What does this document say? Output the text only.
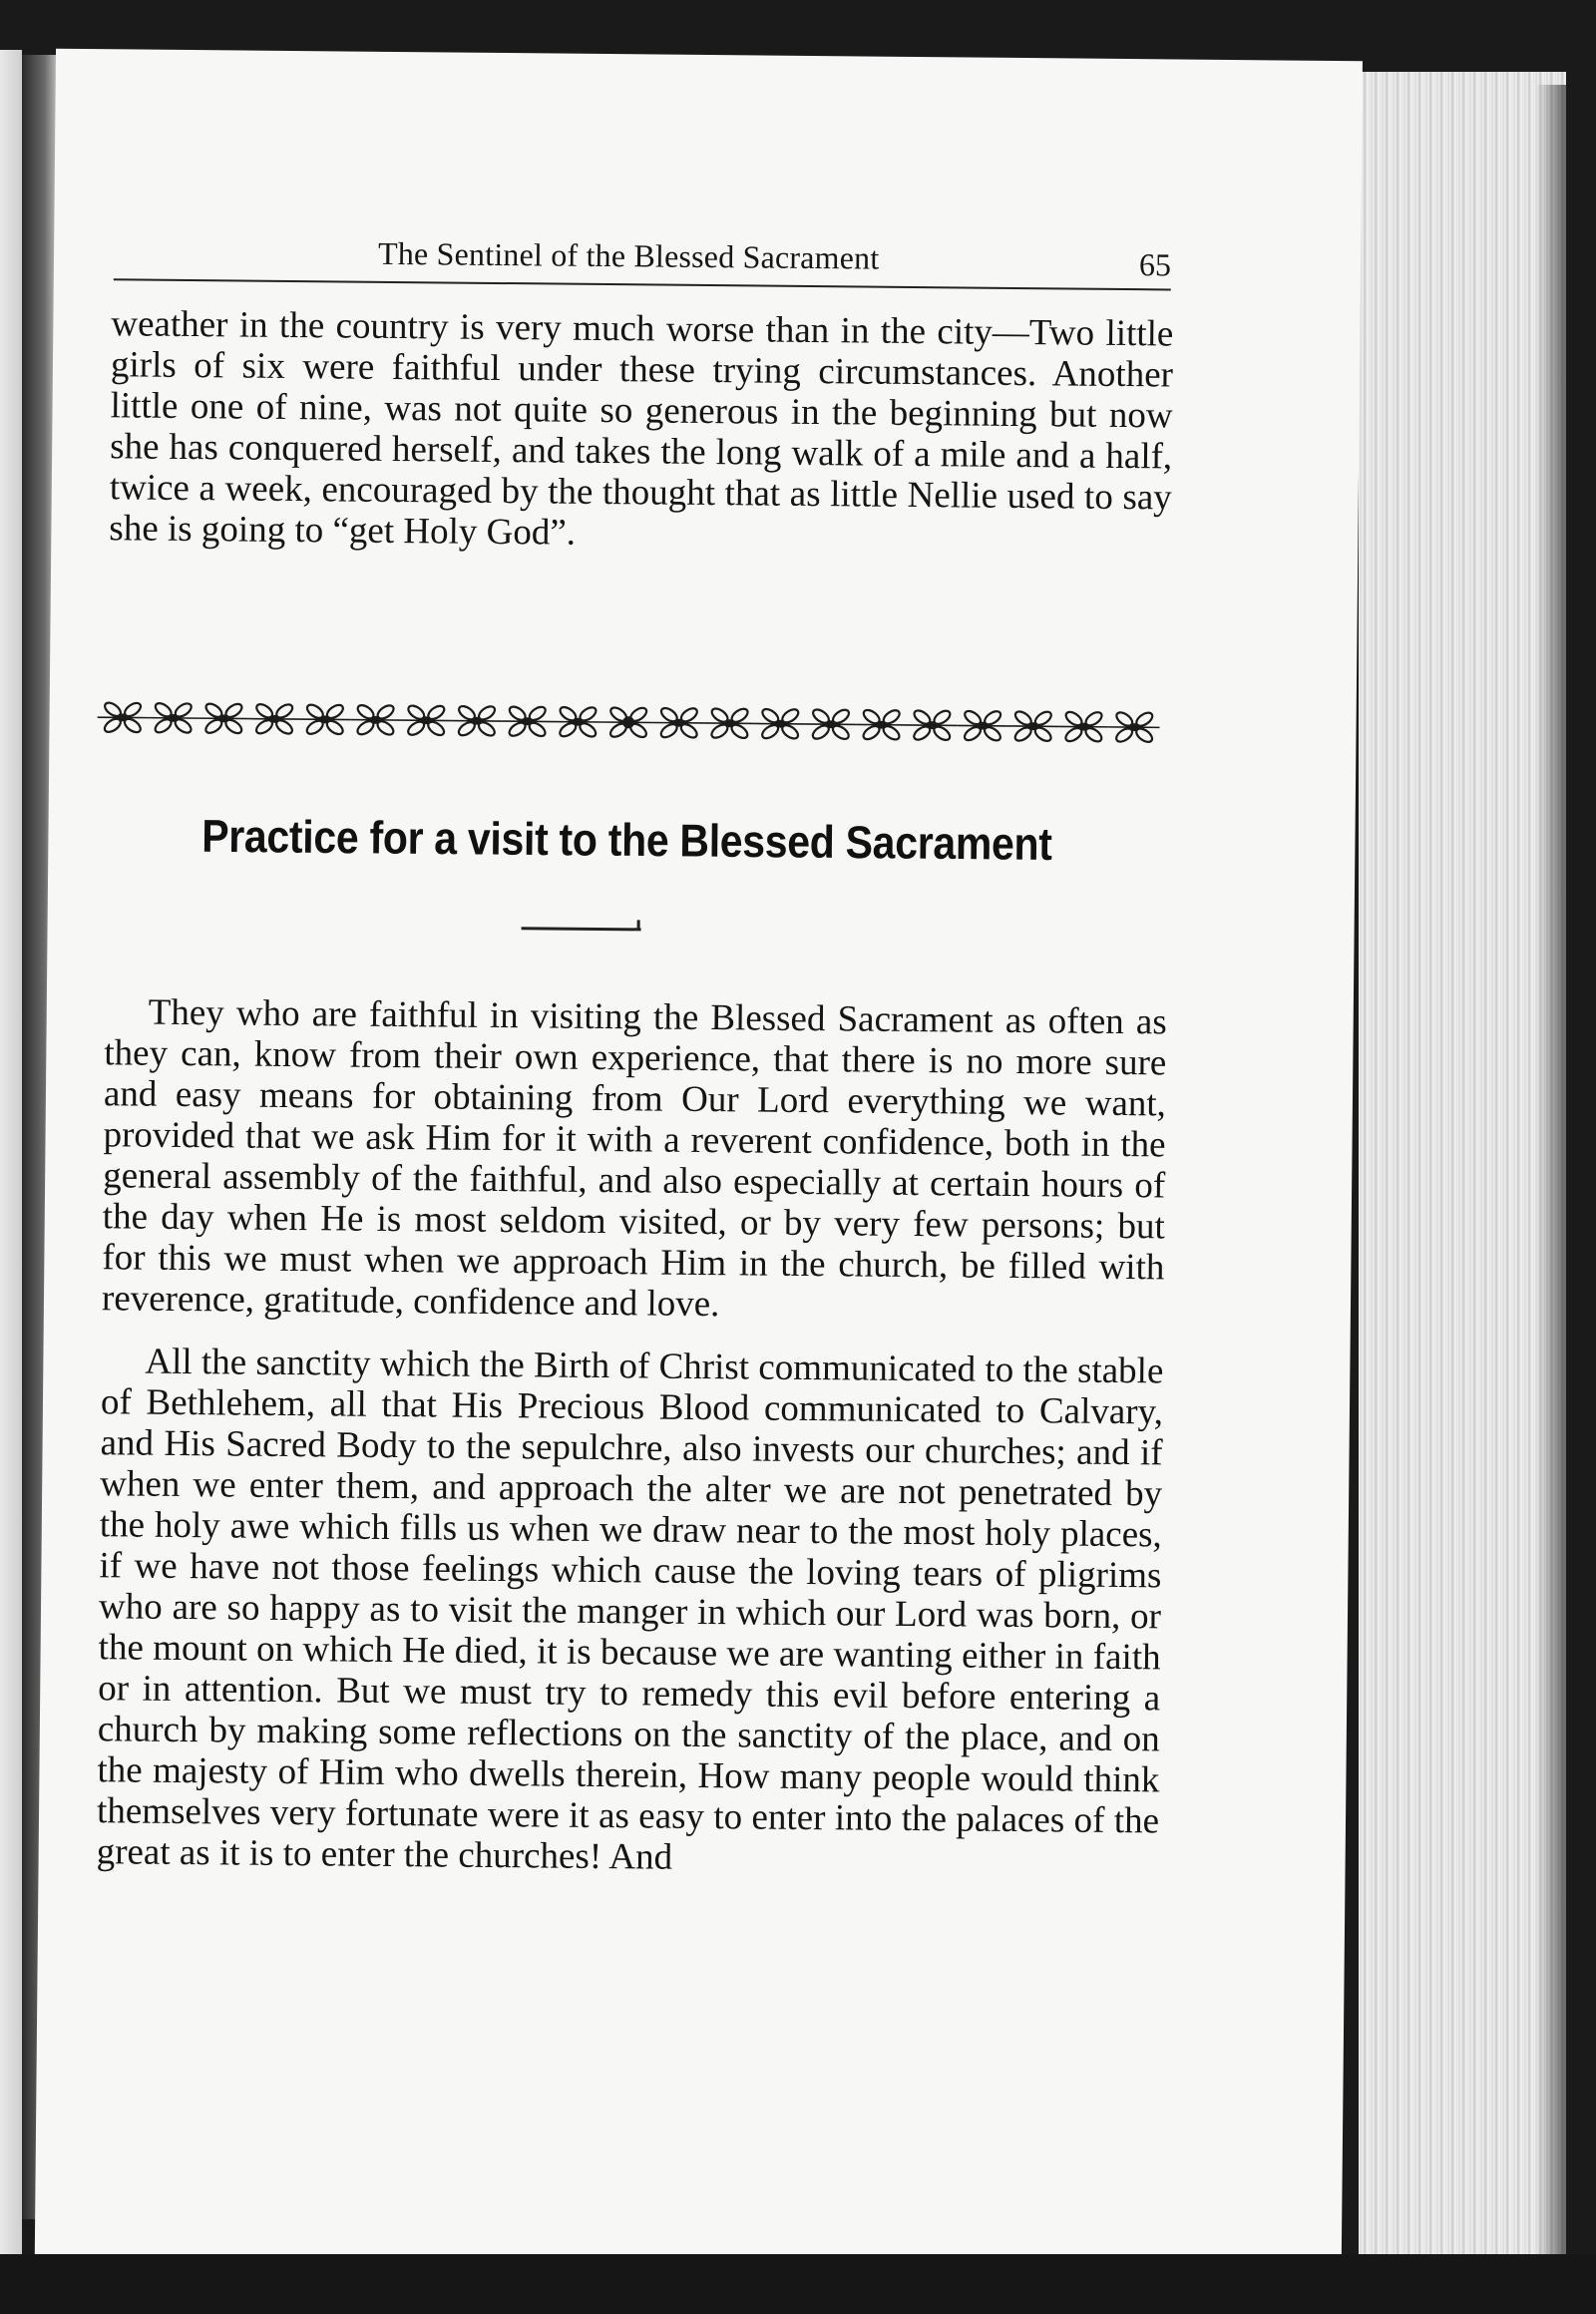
The Sentinel of the Blessed Sacrament	65

weather in the country is very much worse than in the city—Two little girls of six were faithful under these trying circumstances. Another little one of nine, was not quite so generous in the beginning but now she has conquered herself, and takes the long walk of a mile and a half, twice a week, encouraged by the thought that as little Nellie used to say she is going to “get Holy God”.

Practice for a visit to the Blessed Sacrament

They who are faithful in visiting the Blessed Sacrament as often as they can, know from their own experience, that there is no more sure and easy means for obtaining from Our Lord everything we want, provided that we ask Him for it with a reverent confidence, both in the general assembly of the faithful, and also especially at certain hours of the day when He is most seldom visited, or by very few persons; but for this we must when we approach Him in the church, be filled with reverence, gratitude, confidence and love.

All the sanctity which the Birth of Christ communicated to the stable of Bethlehem, all that His Precious Blood communicated to Calvary, and His Sacred Body to the sepulchre, also invests our churches; and if when we enter them, and approach the alter we are not penetrated by the holy awe which fills us when we draw near to the most holy places, if we have not those feelings which cause the loving tears of pligrims who are so happy as to visit the manger in which our Lord was born, or the mount on which He died, it is because we are wanting either in faith or in attention. But we must try to remedy this evil before entering a church by making some reflections on the sanctity of the place, and on the majesty of Him who dwells therein, How many people would think themselves very fortunate were it as easy to enter into the palaces of the great as it is to enter the churches! And
